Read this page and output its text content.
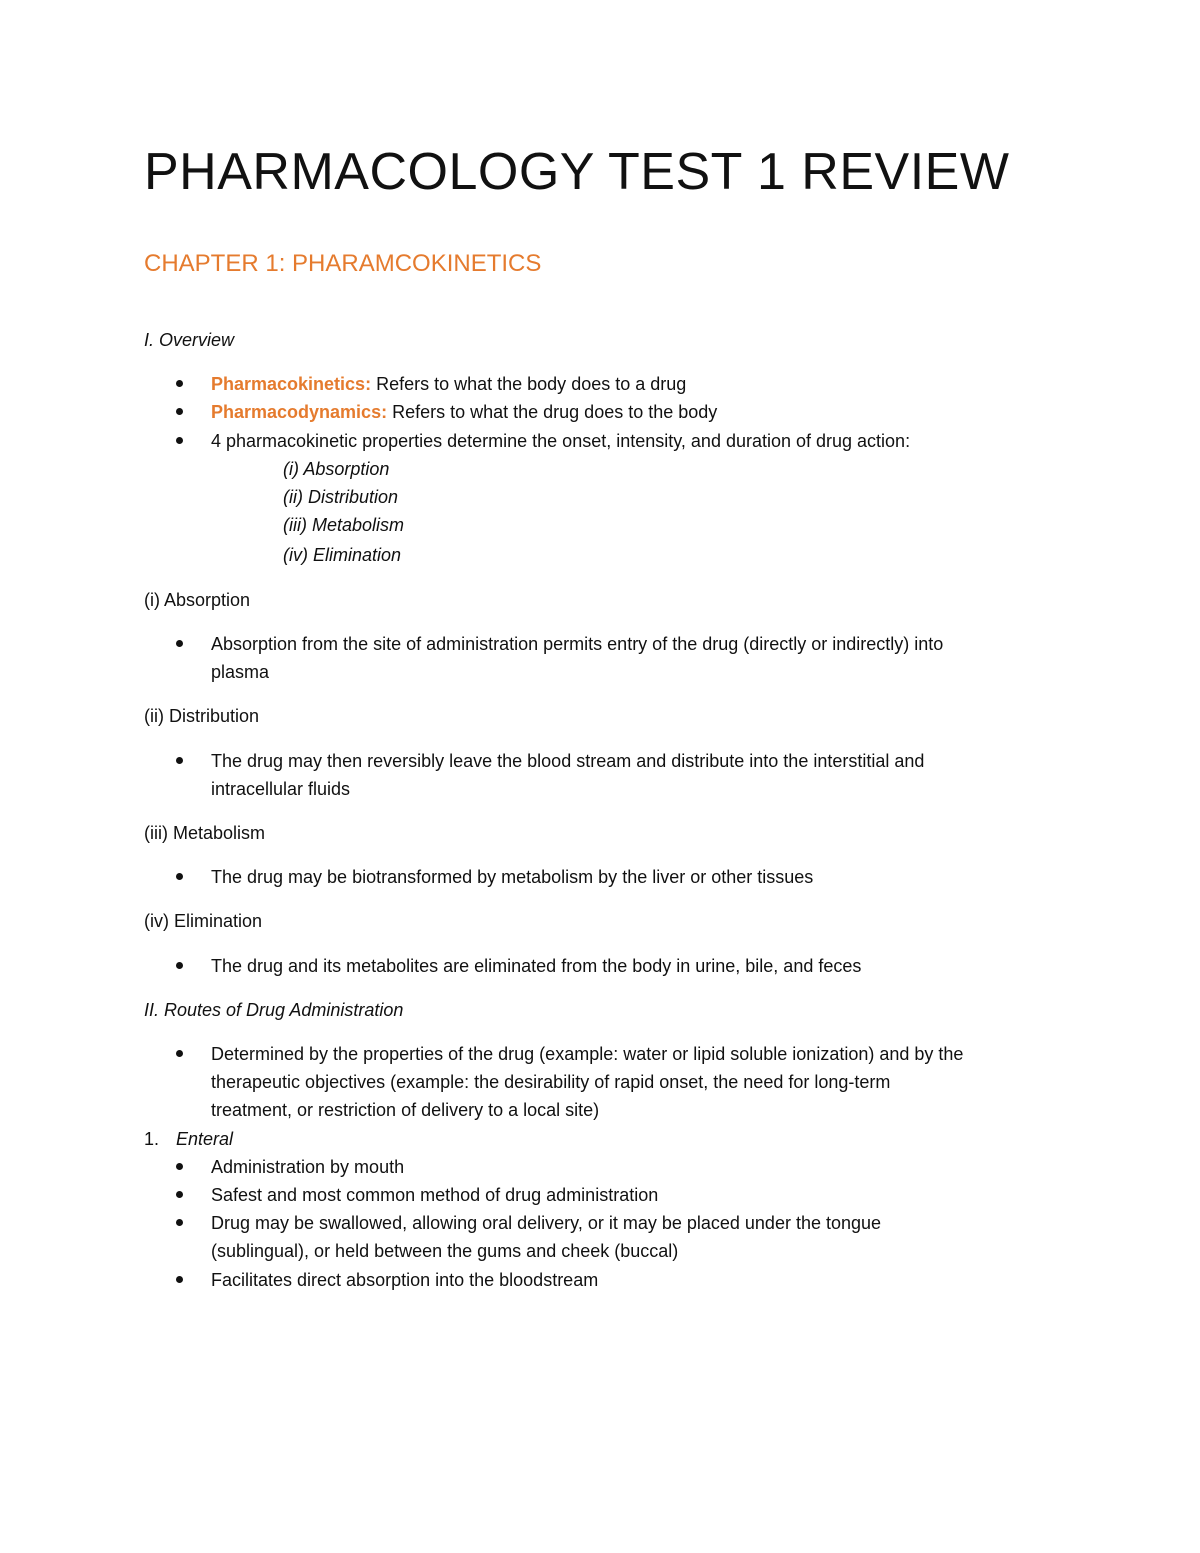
PHARMACOLOGY TEST 1 REVIEW
CHAPTER 1: PHARAMCOKINETICS
I. Overview
Pharmacokinetics: Refers to what the body does to a drug
Pharmacodynamics: Refers to what the drug does to the body
4 pharmacokinetic properties determine the onset, intensity, and duration of drug action:
(i) Absorption
(ii) Distribution
(iii) Metabolism
(iv) Elimination
(i) Absorption
Absorption from the site of administration permits entry of the drug (directly or indirectly) into
plasma
(ii) Distribution
The drug may then reversibly leave the blood stream and distribute into the interstitial and
intracellular fluids
(iii) Metabolism
The drug may be biotransformed by metabolism by the liver or other tissues
(iv) Elimination
The drug and its metabolites are eliminated from the body in urine, bile, and feces
II. Routes of Drug Administration
Determined by the properties of the drug (example: water or lipid soluble ionization) and by the
therapeutic objectives (example: the desirability of rapid onset, the need for long-term
treatment, or restriction of delivery to a local site)
1. Enteral
Administration by mouth
Safest and most common method of drug administration
Drug may be swallowed, allowing oral delivery, or it may be placed under the tongue
(sublingual), or held between the gums and cheek (buccal)
Facilitates direct absorption into the bloodstream
